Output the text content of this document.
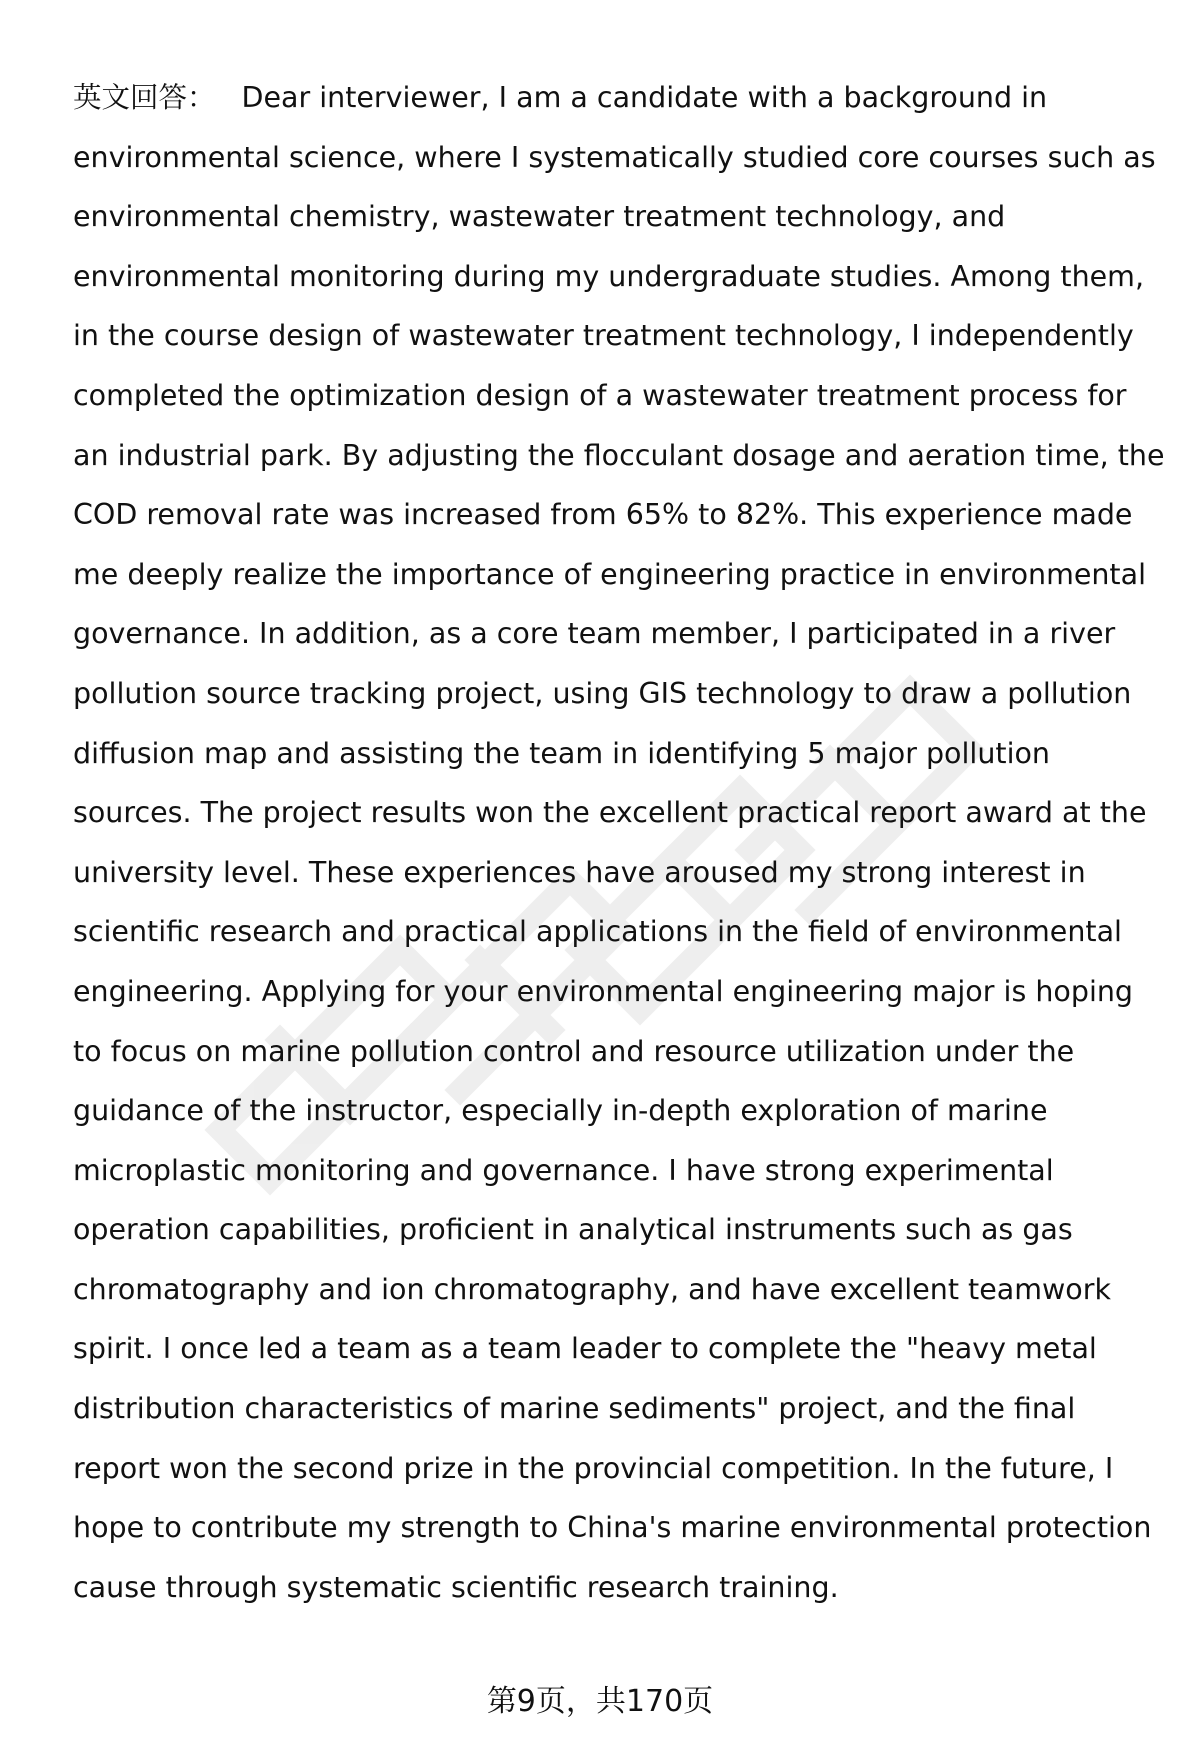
英文回答： Dear interviewer, I am a candidate with a background in
environmental science, where I systematically studied core courses such as
environmental chemistry, wastewater treatment technology, and
environmental monitoring during my undergraduate studies. Among them,
in the course design of wastewater treatment technology, I independently
completed the optimization design of a wastewater treatment process for
an industrial park. By adjusting the flocculant dosage and aeration time, the
COD removal rate was increased from 65% to 82%. This experience made
me deeply realize the importance of engineering practice in environmental
governance. In addition, as a core team member, I participated in a river
pollution source tracking project, using GIS technology to draw a pollution
diffusion map and assisting the team in identifying 5 major pollution
sources. The project results won the excellent practical report award at the
university level. These experiences have aroused my strong interest in
scientific research and practical applications in the field of environmental
engineering. Applying for your environmental engineering major is hoping
to focus on marine pollution control and resource utilization under the
guidance of the instructor, especially in-depth exploration of marine
microplastic monitoring and governance. I have strong experimental
operation capabilities, proficient in analytical instruments such as gas
chromatography and ion chromatography, and have excellent teamwork
spirit. I once led a team as a team leader to complete the "heavy metal
distribution characteristics of marine sediments" project, and the final
report won the second prize in the provincial competition. In the future, I
hope to contribute my strength to China's marine environmental protection
cause through systematic scientific research training.
第9页，共170页
